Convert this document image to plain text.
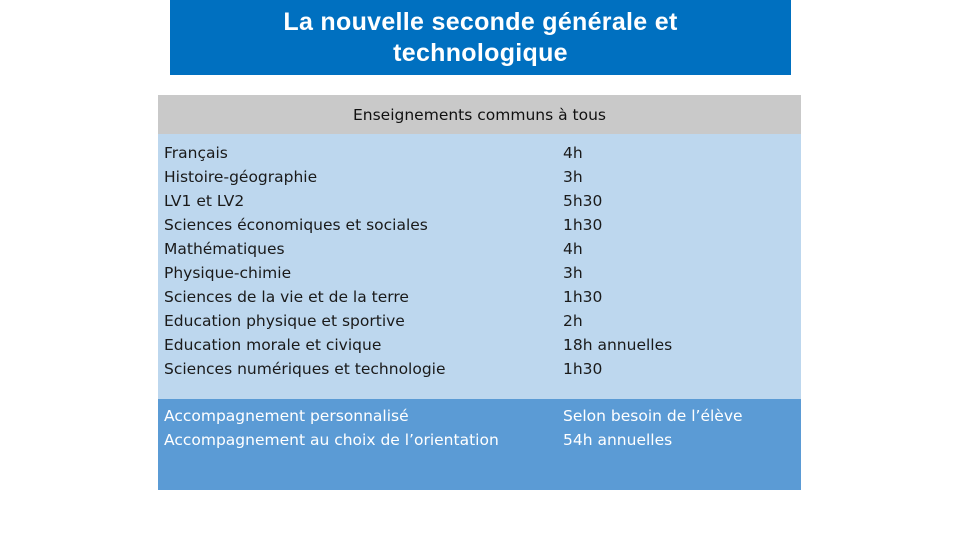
La nouvelle seconde générale et
technologique
Enseignements communs à tous
Français
Histoire-géographie
LV1 et LV2
Sciences économiques et sociales
Mathématiques
Physique-chimie
Sciences de la vie et de la terre
Education physique et sportive
Education morale et civique
Sciences numériques et technologie
4h
3h
5h30
1h30
4h
3h
1h30
2h
18h annuelles
1h30
Accompagnement personnalisé
Accompagnement au choix de l’orientation
Selon besoin de l’élève
54h annuelles
